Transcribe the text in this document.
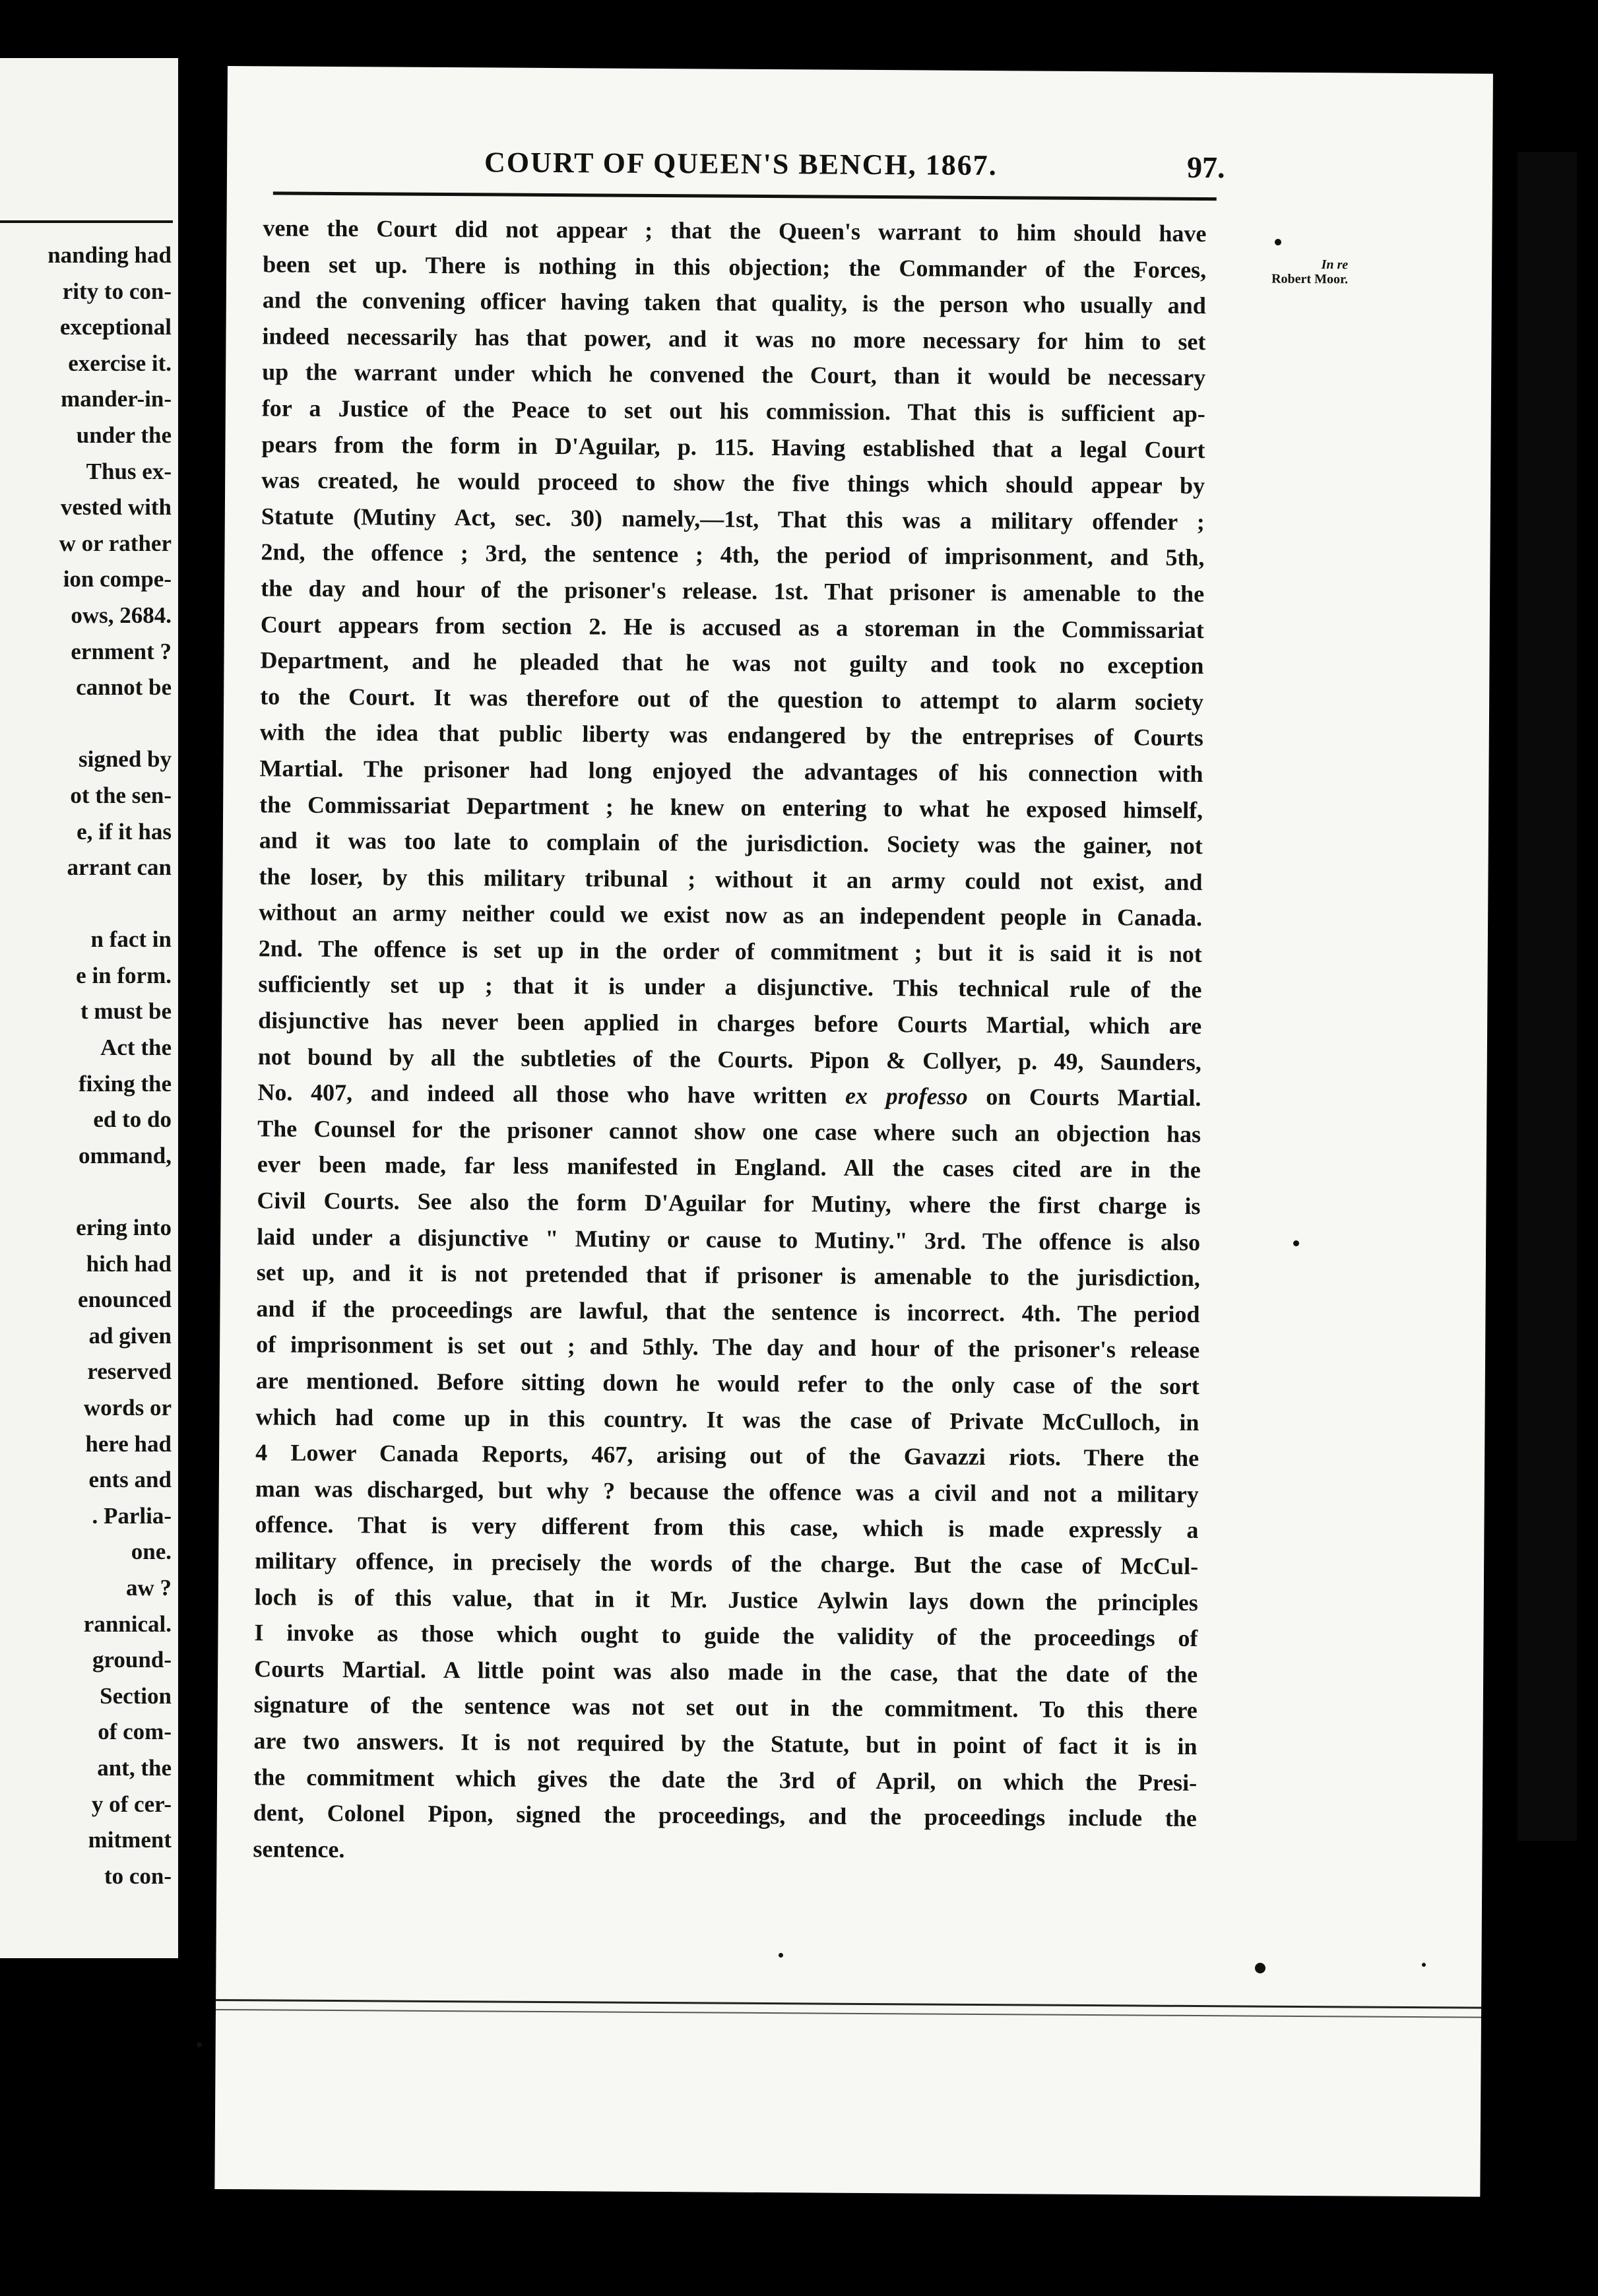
nanding had
rity to con-
exceptional
exercise it.
mander-in-
under the
Thus ex-
vested with
w or rather
ion compe-
ows, 2684.
ernment ?
cannot be
signed by
ot the sen-
e, if it has
arrant can
n fact in
e in form.
t must be
Act the
fixing the
ed to do
ommand,
ering into
hich had
enounced
ad given
reserved
words or
here had
ents and
. Parlia-
one.
aw ?
rannical.
ground-
Section
of com-
ant, the
y of cer-
mitment
to con-
COURT OF QUEEN'S BENCH, 1867.	97.
In re
Robert Moor.
vene the Court did not appear ; that the Queen's warrant to him should have
been set up. There is nothing in this objection; the Commander of the Forces,
and the convening officer having taken that quality, is the person who usually and
indeed necessarily has that power, and it was no more necessary for him to set
up the warrant under which he convened the Court, than it would be necessary
for a Justice of the Peace to set out his commission. That this is sufficient ap-
pears from the form in D'Aguilar, p. 115. Having established that a legal Court
was created, he would proceed to show the five things which should appear by
Statute (Mutiny Act, sec. 30) namely,—1st, That this was a military offender ;
2nd, the offence ; 3rd, the sentence ; 4th, the period of imprisonment, and 5th,
the day and hour of the prisoner's release. 1st. That prisoner is amenable to the
Court appears from section 2. He is accused as a storeman in the Commissariat
Department, and he pleaded that he was not guilty and took no exception
to the Court. It was therefore out of the question to attempt to alarm society
with the idea that public liberty was endangered by the entreprises of Courts
Martial. The prisoner had long enjoyed the advantages of his connection with
the Commissariat Department ; he knew on entering to what he exposed himself,
and it was too late to complain of the jurisdiction. Society was the gainer, not
the loser, by this military tribunal ; without it an army could not exist, and
without an army neither could we exist now as an independent people in Canada.
2nd. The offence is set up in the order of commitment ; but it is said it is not
sufficiently set up ; that it is under a disjunctive. This technical rule of the
disjunctive has never been applied in charges before Courts Martial, which are
not bound by all the subtleties of the Courts. Pipon & Collyer, p. 49, Saunders,
No. 407, and indeed all those who have written ex professo on Courts Martial.
The Counsel for the prisoner cannot show one case where such an objection has
ever been made, far less manifested in England. All the cases cited are in the
Civil Courts. See also the form D'Aguilar for Mutiny, where the first charge is
laid under a disjunctive " Mutiny or cause to Mutiny." 3rd. The offence is also
set up, and it is not pretended that if prisoner is amenable to the jurisdiction,
and if the proceedings are lawful, that the sentence is incorrect. 4th. The period
of imprisonment is set out ; and 5thly. The day and hour of the prisoner's release
are mentioned. Before sitting down he would refer to the only case of the sort
which had come up in this country. It was the case of Private McCulloch, in
4 Lower Canada Reports, 467, arising out of the Gavazzi riots. There the
man was discharged, but why ? because the offence was a civil and not a military
offence. That is very different from this case, which is made expressly a
military offence, in precisely the words of the charge. But the case of McCul-
loch is of this value, that in it Mr. Justice Aylwin lays down the principles
I invoke as those which ought to guide the validity of the proceedings of
Courts Martial. A little point was also made in the case, that the date of the
signature of the sentence was not set out in the commitment. To this there
are two answers. It is not required by the Statute, but in point of fact it is in
the commitment which gives the date the 3rd of April, on which the Presi-
dent, Colonel Pipon, signed the proceedings, and the proceedings include the
sentence.
